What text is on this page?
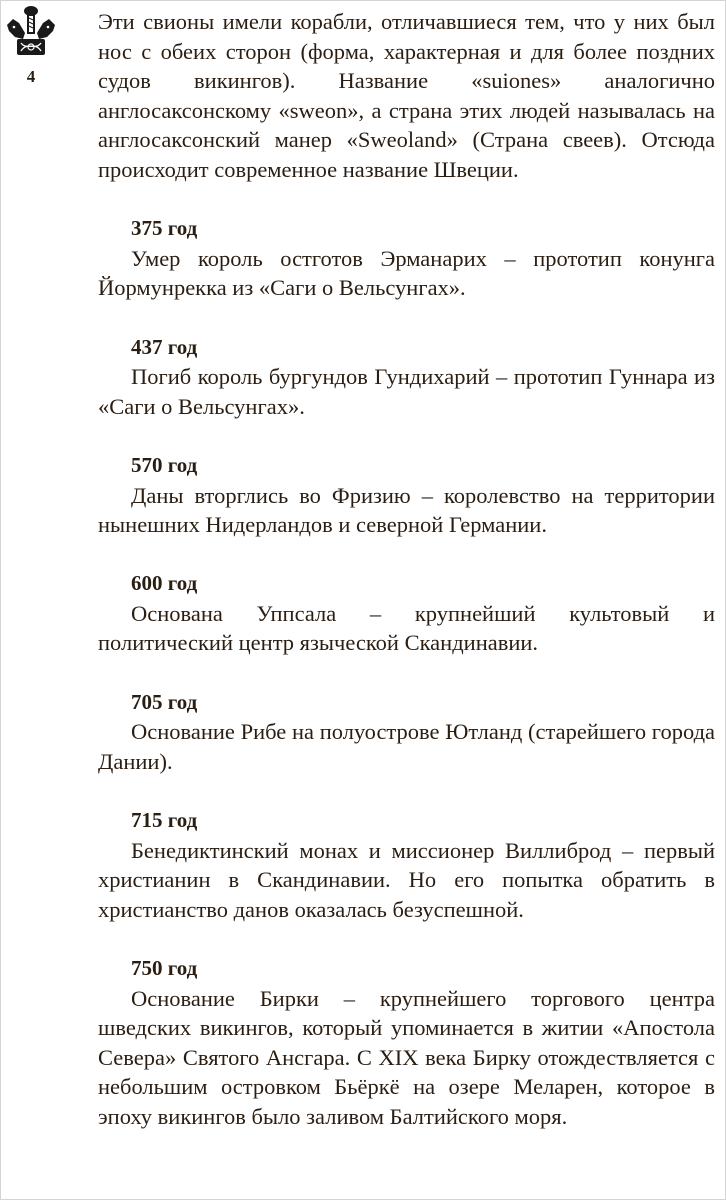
4

Эти свионы имели корабли, отличавшиеся тем, что у них был нос с обеих сторон (форма, характерная и для более поздних судов викингов). Название «suiones» аналогично англосаксонскому «sweon», а страна этих людей называлась на англосаксонский манер «Sweoland» (Страна свеев). Отсюда происходит современное название Швеции.

375 год

Умер король остготов Эрманарих – прототип конунга Йормунрекка из «Саги о Вельсунгах».

437 год

Погиб король бургундов Гундихарий – прототип Гуннара из «Саги о Вельсунгах».

570 год

Даны вторглись во Фризию – королевство на территории нынешних Нидерландов и северной Германии.

600 год

Основана Уппсала – крупнейший культовый и политический центр языческой Скандинавии.

705 год

Основание Рибе на полуострове Ютланд (старейшего города Дании).

715 год

Бенедиктинский монах и миссионер Виллиброд – первый христианин в Скандинавии. Но его попытка обратить в христианство данов оказалась безуспешной.

750 год

Основание Бирки – крупнейшего торгового центра шведских викингов, который упоминается в житии «Апостола Севера» Святого Ансгара. С XIX века Бирку отождествляется с небольшим островком Бьёркё на озере Меларен, которое в эпоху викингов было заливом Балтийского моря.
